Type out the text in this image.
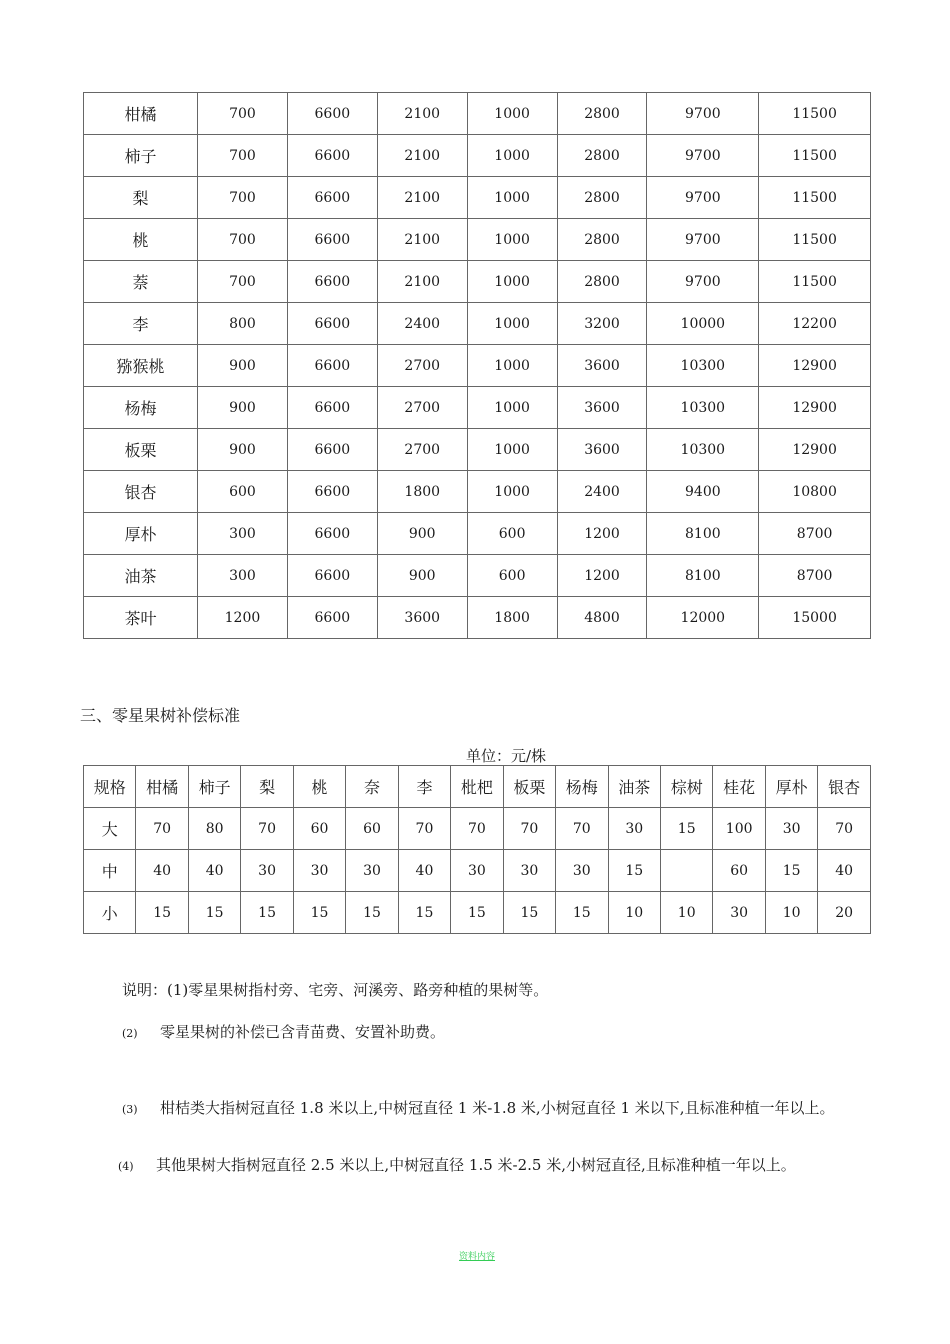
柑橘	700	6600	2100	1000	2800	9700	11500
柿子	700	6600	2100	1000	2800	9700	11500
梨	700	6600	2100	1000	2800	9700	11500
桃	700	6600	2100	1000	2800	9700	11500
萘	700	6600	2100	1000	2800	9700	11500
李	800	6600	2400	1000	3200	10000	12200
猕猴桃	900	6600	2700	1000	3600	10300	12900
杨梅	900	6600	2700	1000	3600	10300	12900
板栗	900	6600	2700	1000	3600	10300	12900
银杏	600	6600	1800	1000	2400	9400	10800
厚朴	300	6600	900	600	1200	8100	8700
油茶	300	6600	900	600	1200	8100	8700
茶叶	1200	6600	3600	1800	4800	12000	15000
三、零星果树补偿标准
单位：元/株
规格	柑橘	柿子	梨	桃	奈	李	枇杷	板栗	杨梅	油茶	棕树	桂花	厚朴	银杏
大	70	80	70	60	60	70	70	70	70	30	15	100	30	70
中	40	40	30	30	30	40	30	30	30	15		60	15	40
小	15	15	15	15	15	15	15	15	15	10	10	30	10	20
说明：(1)零星果树指村旁、宅旁、河溪旁、路旁种植的果树等。
(2) 零星果树的补偿已含青苗费、安置补助费。
(3) 柑桔类大指树冠直径 1.8 米以上,中树冠直径 1 米-1.8 米,小树冠直径 1 米以下,且标准种植一年以上。
(4) 其他果树大指树冠直径 2.5 米以上,中树冠直径 1.5 米-2.5 米,小树冠直径,且标准种植一年以上。
资料内容
